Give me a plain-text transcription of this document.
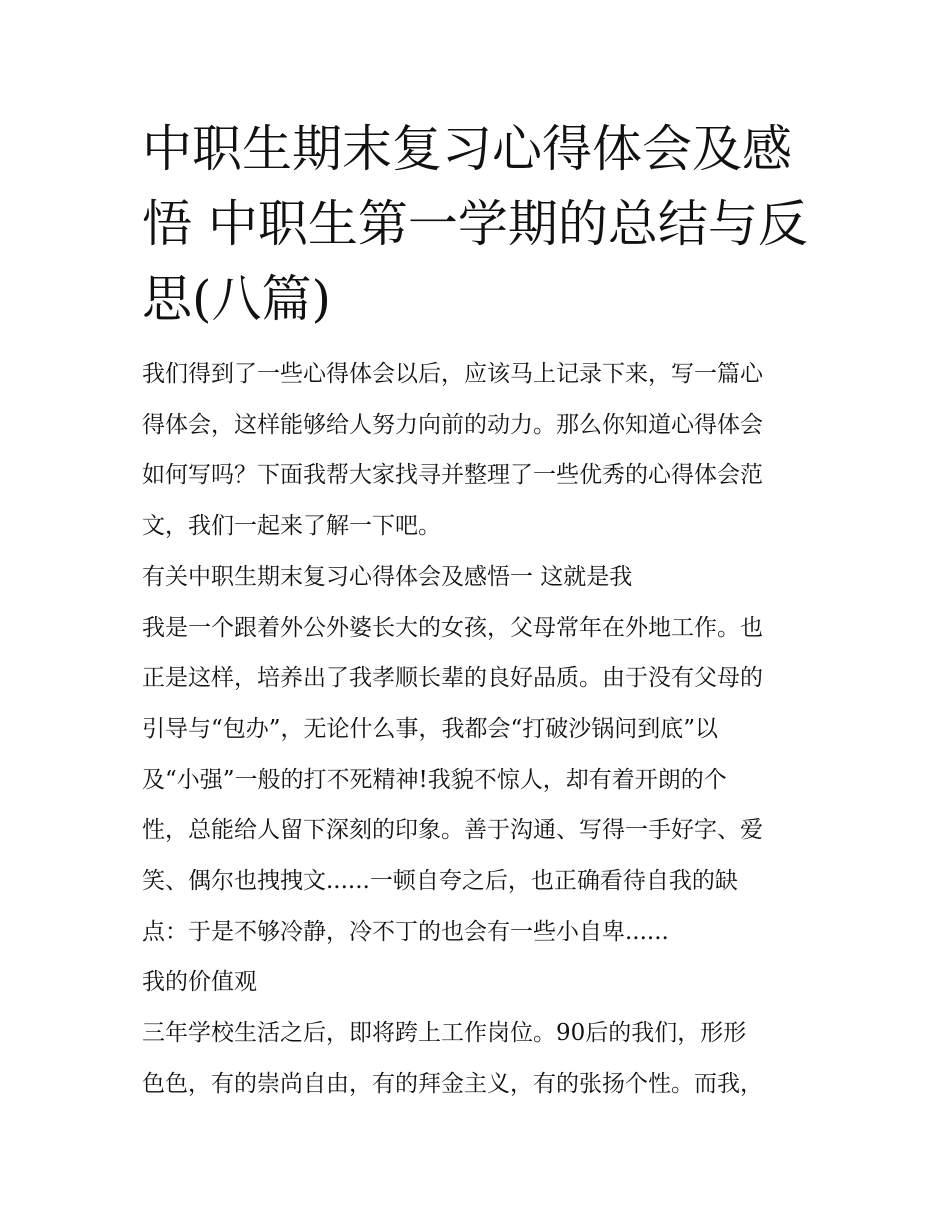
中职生期末复习心得体会及感
悟 中职生第一学期的总结与反
思(八篇)

我们得到了一些心得体会以后，应该马上记录下来，写一篇心
得体会，这样能够给人努力向前的动力。那么你知道心得体会
如何写吗？下面我帮大家找寻并整理了一些优秀的心得体会范
文，我们一起来了解一下吧。

有关中职生期末复习心得体会及感悟一 这就是我

我是一个跟着外公外婆长大的女孩，父母常年在外地工作。也
正是这样，培养出了我孝顺长辈的良好品质。由于没有父母的
引导与“包办”，无论什么事，我都会“打破沙锅问到底”以
及“小强”一般的打不死精神!我貌不惊人，却有着开朗的个
性，总能给人留下深刻的印象。善于沟通、写得一手好字、爱
笑、偶尔也拽拽文......一顿自夸之后，也正确看待自我的缺
点：于是不够冷静，冷不丁的也会有一些小自卑......

我的价值观

三年学校生活之后，即将跨上工作岗位。90后的我们，形形
色色，有的崇尚自由，有的拜金主义，有的张扬个性。而我，
